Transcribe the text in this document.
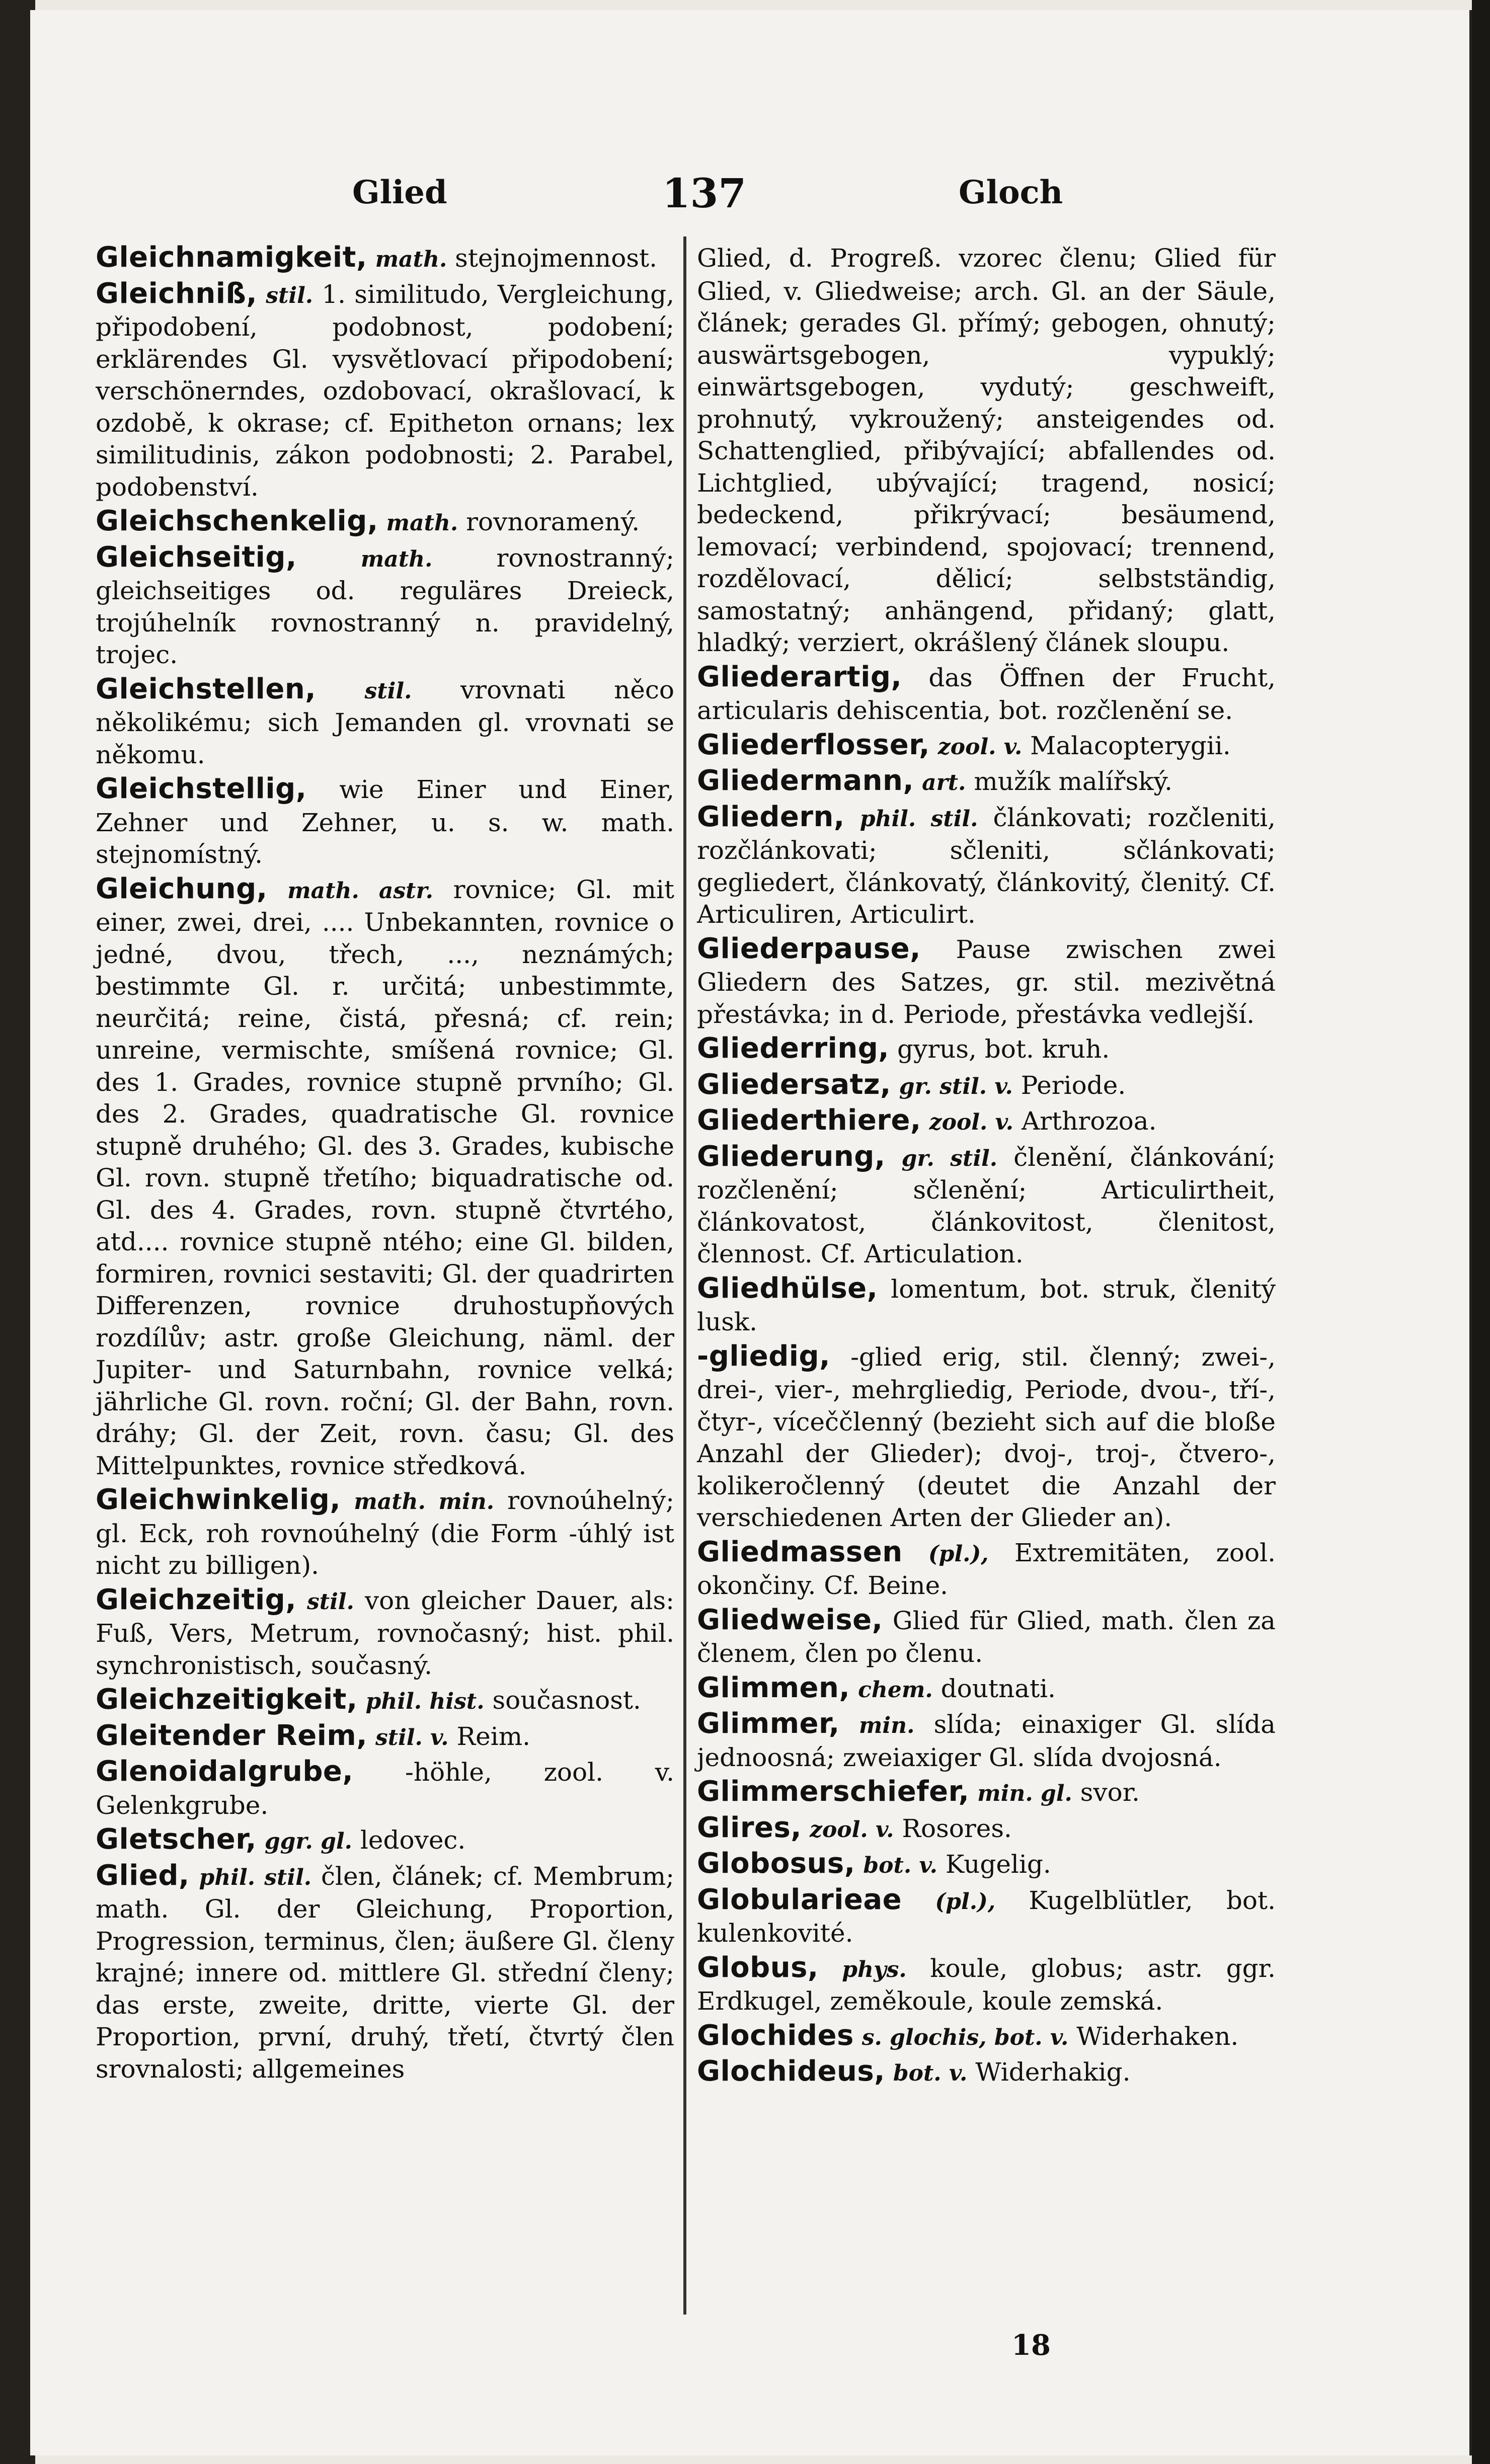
Glied	137	Gloch
Gleichnamigkeit, math. stejnojmennost.
Gleichniß, stil. 1. similitudo, Vergleichung, připodobení, podobnost, podobení; erklärendes Gl. vysvětlovací připodobení; verschönerndes, ozdobovací, okrašlovací, k ozdobě, k okrase; cf. Epitheton ornans; lex similitudinis, zákon podobnosti; 2. Parabel, podobenství.
Gleichschenkelig, math. rovnoramený.
Gleichseitig,	math.	rovnostranný; gleichseitiges od. reguläres Dreieck, trojúhelník rovnostranný n. pravidelný, trojec.
Gleichstellen, stil. vrovnati něco několikému; sich Jemanden gl. vrovnati se někomu.
Gleichstellig, wie Einer und Einer, Zehner und Zehner, u. s. w. math. stejnomístný.
Gleichung, math. astr. rovnice; Gl. mit einer, zwei, drei, .... Unbekannten, rovnice o jedné, dvou, třech, ..., neznámých; bestimmte Gl. r. určitá; unbestimmte, neurčitá; reine, čistá, přesná; cf. rein; unreine, vermischte, smíšená rovnice; Gl. des 1. Grades, rovnice stupně prvního; Gl. des 2. Grades, quadratische Gl. rovnice stupně druhého; Gl. des 3. Grades, kubische Gl. rovn. stupně třetího; biquadratische od. Gl. des 4. Grades, rovn. stupně čtvrtého, atd.... rovnice stupně ntého; eine Gl. bilden, formiren, rovnici sestaviti; Gl. der quadrirten Differenzen, rovnice druhostupňových rozdílův; astr. große Gleichung, näml. der Jupiter- und Saturnbahn, rovnice velká; jährliche Gl. rovn. roční; Gl. der Bahn, rovn. dráhy; Gl. der Zeit, rovn. času; Gl. des Mittelpunktes, rovnice středková.
Gleichwinkelig, math. min. rovnoúhelný; gl. Eck, roh rovnoúhelný (die Form -úhlý ist nicht zu billigen).
Gleichzeitig, stil. von gleicher Dauer, als: Fuß, Vers, Metrum, rovnočasný; hist. phil. synchronistisch, současný.
Gleichzeitigkeit, phil. hist. současnost.
Gleitender Reim, stil. v. Reim.
Glenoidalgrube, -höhle, zool. v. Gelenkgrube.
Gletscher, ggr. gl. ledovec.
Glied, phil. stil. člen, článek; cf. Membrum; math. Gl. der Gleichung, Proportion, Progression, terminus, člen; äußere Gl. členy krajné; innere od. mittlere Gl. střední členy; das erste, zweite, dritte, vierte Gl. der Proportion, první, druhý, třetí, čtvrtý člen srovnalosti; allgemeines
Glied, d. Progreß. vzorec členu; Glied für Glied, v. Gliedweise; arch. Gl. an der Säule, článek; gerades Gl. přímý; gebogen, ohnutý; auswärtsgebogen, vypuklý; einwärtsgebogen, vydutý; geschweift, prohnutý, vykroužený; ansteigendes od. Schattenglied, přibývající; abfallendes od. Lichtglied, ubývající; tragend, nosicí; bedeckend, přikrývací; besäumend, lemovací; verbindend, spojovací; trennend, rozdělovací, dělicí; selbstständig, samostatný; anhängend, přidaný; glatt, hladký; verziert, okrášlený článek sloupu.
Gliederartig, das Öffnen der Frucht, articularis dehiscentia, bot. rozčlenění se.
Gliederflosser, zool. v. Malacopterygii.
Gliedermann, art. mužík malířský.
Gliedern, phil. stil. článkovati; rozčleniti, rozčlánkovati; sčleniti, sčlánkovati; gegliedert, článkovatý, článkovitý, členitý. Cf. Articuliren, Articulirt.
Gliederpause, Pause zwischen zwei Gliedern des Satzes, gr. stil. mezivětná přestávka; in d. Periode, přestávka vedlejší.
Gliederring, gyrus, bot. kruh.
Gliedersatz, gr. stil. v. Periode.
Gliederthiere, zool. v. Arthrozoa.
Gliederung, gr. stil. členění, článkování; rozčlenění; sčlenění; Articulirtheit, článkovatost, článkovitost, členitost, člennost. Cf. Articulation.
Gliedhülse, lomentum, bot. struk, členitý lusk.
-gliedig, -glied erig, stil. členný; zwei-, drei-, vier-, mehrgliedig, Periode, dvou-, tří-, čtyr-, víceččlenný (bezieht sich auf die bloße Anzahl der Glieder); dvoj-, troj-, čtvero-, kolikeročlenný (deutet die Anzahl der verschiedenen Arten der Glieder an).
Gliedmassen (pl.), Extremitäten, zool. okončiny. Cf. Beine.
Gliedweise, Glied für Glied, math. člen za členem, člen po členu.
Glimmen, chem. doutnati.
Glimmer, min. slída; einaxiger Gl. slída jednoosná; zweiaxiger Gl. slída dvojosná.
Glimmerschiefer, min. gl. svor.
Glires, zool. v. Rosores.
Globosus, bot. v. Kugelig.
Globularieae (pl.), Kugelblütler, bot. kulenkovité.
Globus, phys. koule, globus; astr. ggr. Erdkugel, zeměkoule, koule zemská.
Glochides s. glochis, bot. v. Widerhaken.
Glochideus, bot. v. Widerhakig.
18
